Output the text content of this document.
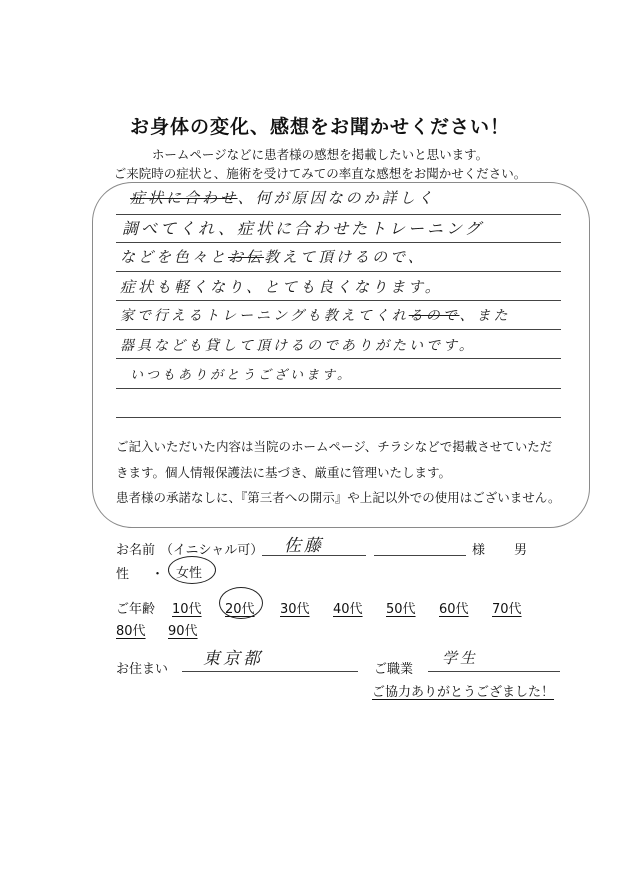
お身体の変化、感想をお聞かせください！
ホームページなどに患者様の感想を掲載したいと思います。
ご来院時の症状と、施術を受けてみての率直な感想をお聞かせください。
症状に合わせ、何が原因なのか詳しく
調べてくれ、症状に合わせたトレーニング
などを色々とお伝教えて頂けるので、
症状も軽くなり、とても良くなります。
家で行えるトレーニングも教えてくれるので、また
器具なども貸して頂けるのでありがたいです。
いつもありがとうございます。
ご記入いただいた内容は当院のホームページ、チラシなどで掲載させていただ
きます。個人情報保護法に基づき、厳重に管理いたします。
患者様の承諾なしに、『第三者への開示』や上記以外での使用はございません。
お名前 （イニシャル可） 佐藤	様 男
性 ・ 女性
ご年齢 10代 20代 30代 40代 50代 60代 70代
80代 90代
お住まい
東京都
ご職業
学生
ご協力ありがとうござました！
